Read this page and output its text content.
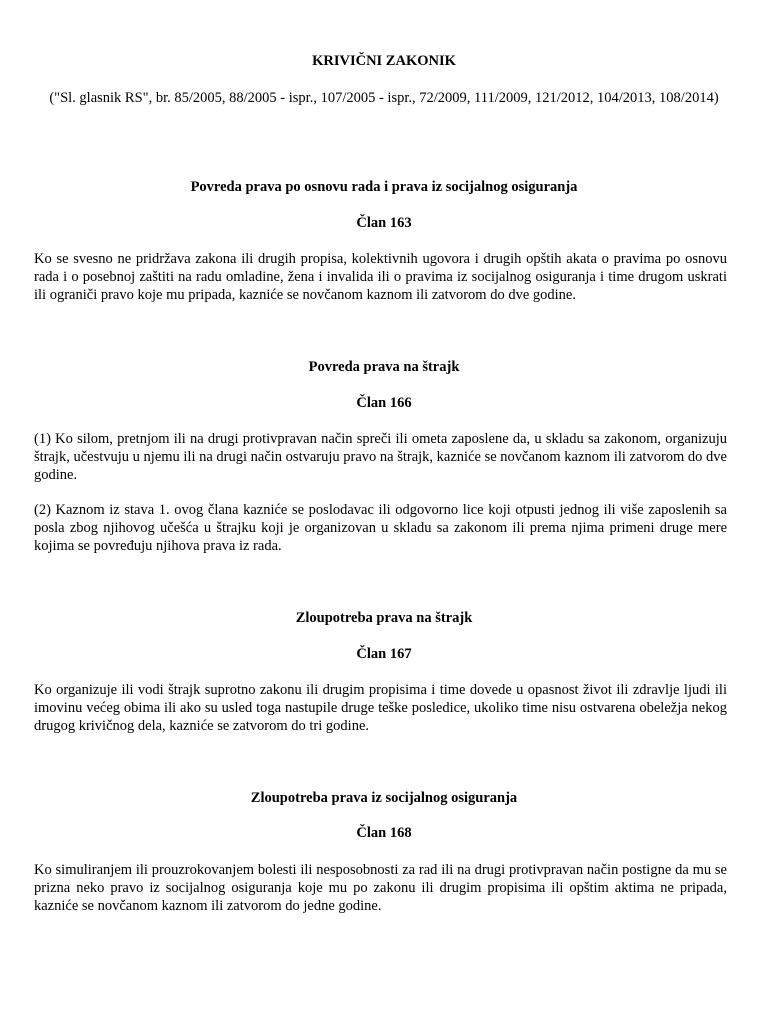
KRIVIČNI ZAKONIK

("Sl. glasnik RS", br. 85/2005, 88/2005 - ispr., 107/2005 - ispr., 72/2009, 111/2009, 121/2012, 104/2013, 108/2014)

Povreda prava po osnovu rada i prava iz socijalnog osiguranja

Član 163

Ko se svesno ne pridržava zakona ili drugih propisa, kolektivnih ugovora i drugih opštih akata o pravima po osnovu rada i o posebnoj zaštiti na radu omladine, žena i invalida ili o pravima iz socijalnog osiguranja i time drugom uskrati ili ograniči pravo koje mu pripada, kazniće se novčanom kaznom ili zatvorom do dve godine.

Povreda prava na štrajk

Član 166

(1) Ko silom, pretnjom ili na drugi protivpravan način spreči ili ometa zaposlene da, u skladu sa zakonom, organizuju štrajk, učestvuju u njemu ili na drugi način ostvaruju pravo na štrajk, kazniće se novčanom kaznom ili zatvorom do dve godine.

(2) Kaznom iz stava 1. ovog člana kazniće se poslodavac ili odgovorno lice koji otpusti jednog ili više zaposlenih sa posla zbog njihovog učešća u štrajku koji je organizovan u skladu sa zakonom ili prema njima primeni druge mere kojima se povređuju njihova prava iz rada.

Zloupotreba prava na štrajk

Član 167

Ko organizuje ili vodi štrajk suprotno zakonu ili drugim propisima i time dovede u opasnost život ili zdravlje ljudi ili imovinu većeg obima ili ako su usled toga nastupile druge teške posledice, ukoliko time nisu ostvarena obeležja nekog drugog krivičnog dela, kazniće se zatvorom do tri godine.

Zloupotreba prava iz socijalnog osiguranja

Član 168

Ko simuliranjem ili prouzrokovanjem bolesti ili nesposobnosti za rad ili na drugi protivpravan način postigne da mu se prizna neko pravo iz socijalnog osiguranja koje mu po zakonu ili drugim propisima ili opštim aktima ne pripada, kazniće se novčanom kaznom ili zatvorom do jedne godine.
